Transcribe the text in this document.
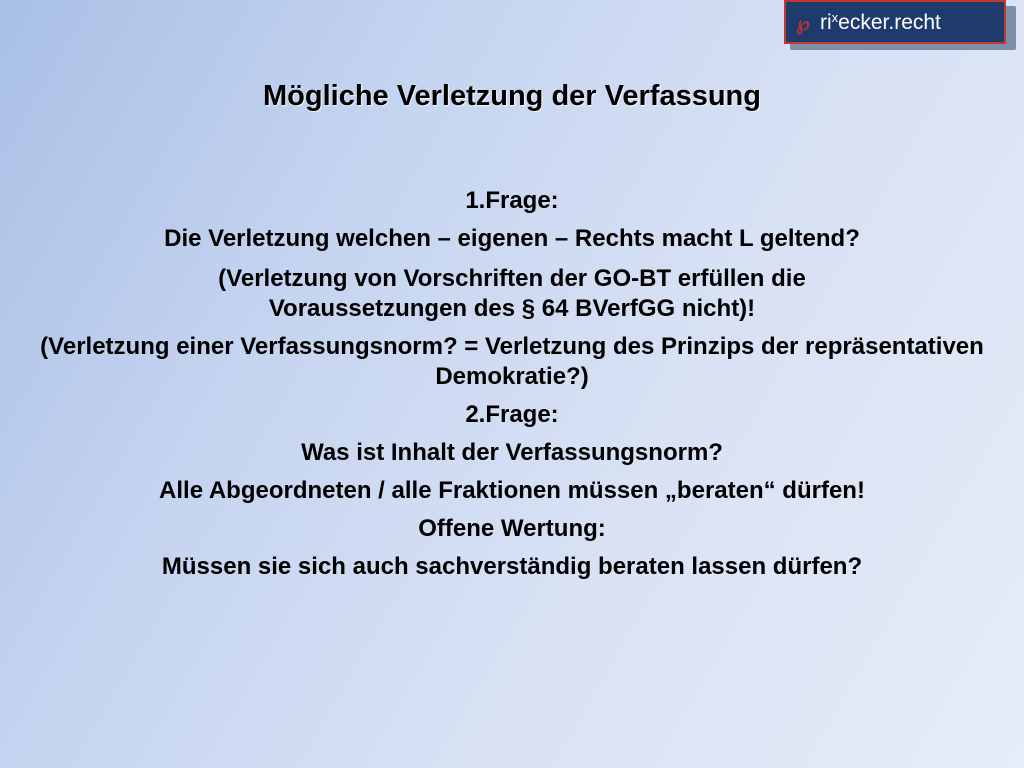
℘ $ri^xecker.recht$
Mögliche Verletzung der Verfassung

1.Frage:

Die Verletzung welchen – eigenen – Rechts macht L geltend?

(Verletzung von Vorschriften der GO-BT erfüllen die Voraussetzungen des § 64 BVerfGG nicht)!

(Verletzung einer Verfassungsnorm? = Verletzung des Prinzips der repräsentativen Demokratie?)

2.Frage:

Was ist Inhalt der Verfassungsnorm?

Alle Abgeordneten / alle Fraktionen müssen „beraten“ dürfen!

Offene Wertung:

Müssen sie sich auch sachverständig beraten lassen dürfen?
